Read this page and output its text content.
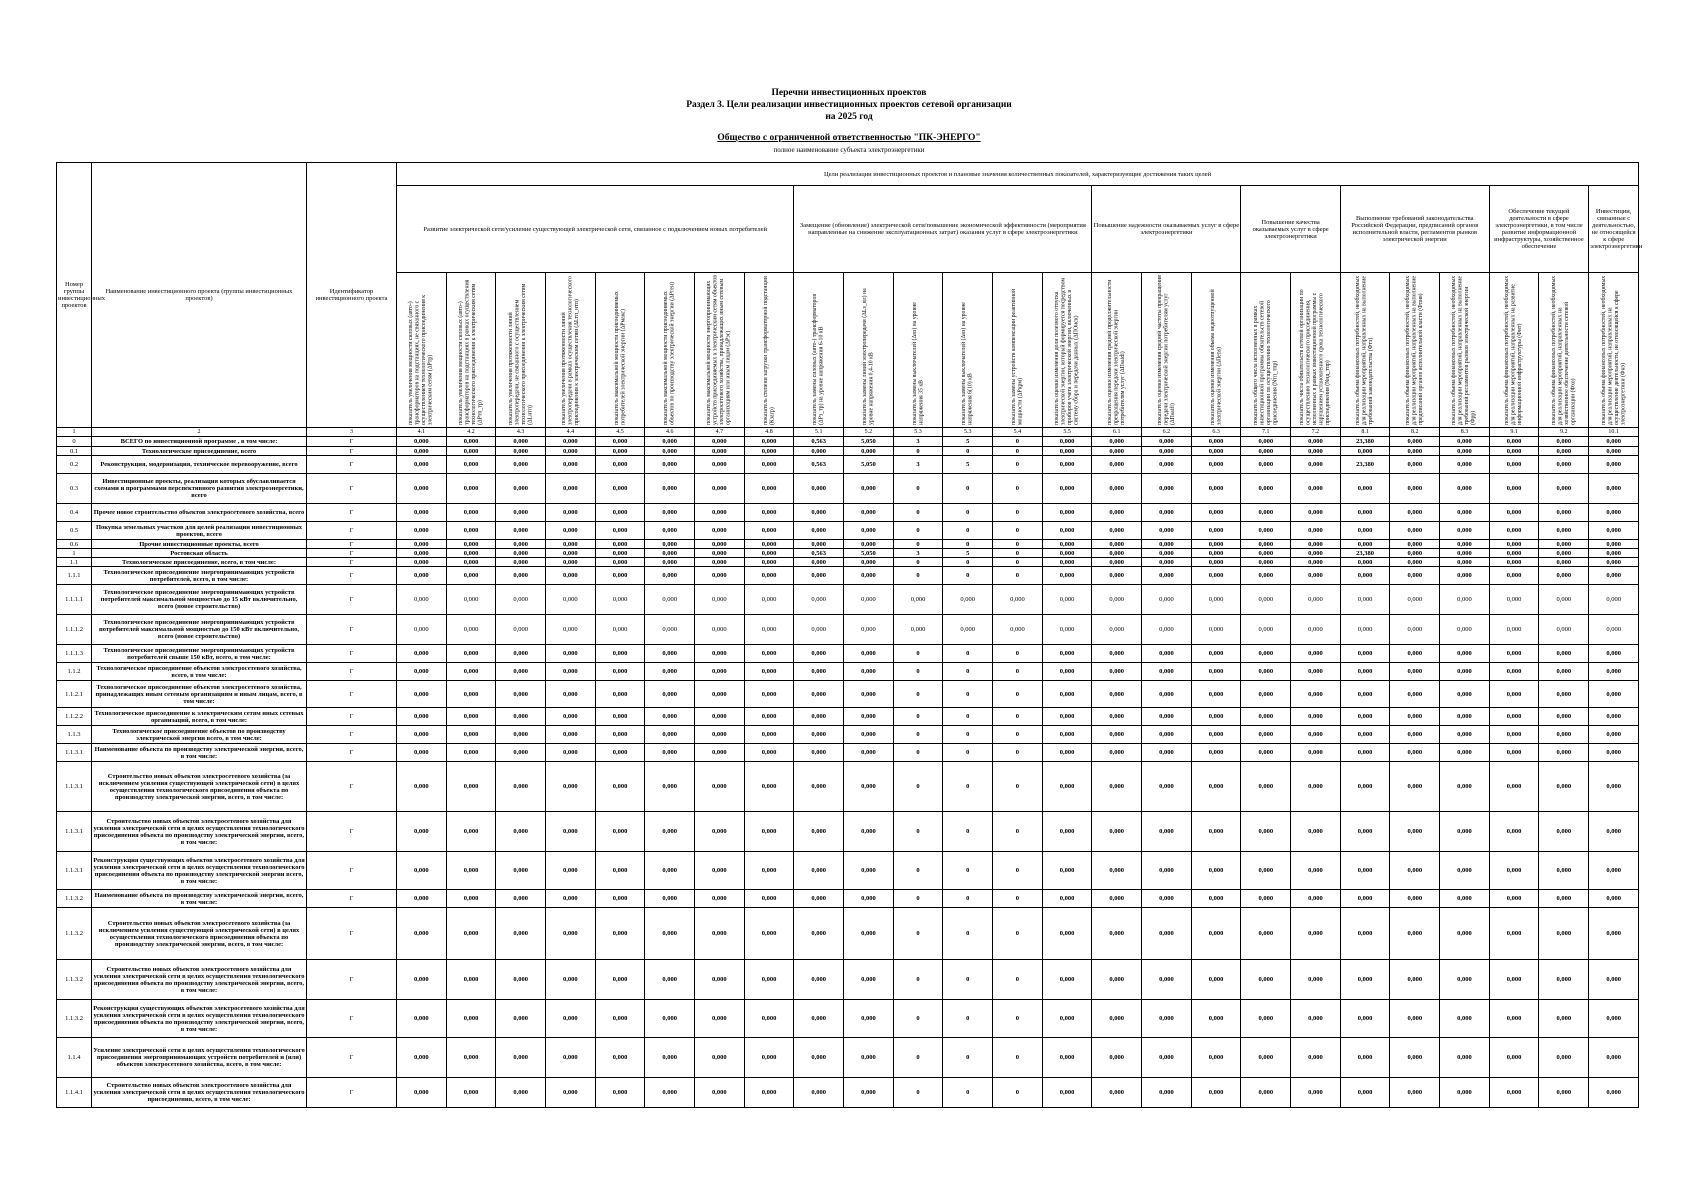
Перечни инвестиционных проектов
Раздел 3. Цели реализации инвестиционных проектов сетевой организации
на 2025 год
Общество с ограниченной ответственностью "ПК-ЭНЕРГО"
полное наименование субъекта электроэнергетики
Номер группы инвестиционных проектов	Наименование инвестиционного проекта (группы инвестиционных проектов)	Идентификатор инвестиционного проекта	Цели реализации инвестиционных проектов и плановые значения количественных показателей, характеризующие достижения таких целей																								
			Развитие электрической сети/усиление существующей электрической сети, связанное с подключением новых потребителей								Замещение (обновление) электрической сети/повышение экономической эффективности (мероприятия направленные на снижение эксплуатационных затрат) оказания услуг в сфере электроэнергетики						Повышение надежности оказываемых услуг в сфере электроэнергетики			Повышение качества оказываемых услуг в сфере электроэнергетики		Выполнение требований законодательства Российской Федерации, предписаний органов исполнительной власти, регламентов рынков электрической энергии			Обеспечение текущей деятельности в сфере электроэнергетики, в том числе развитие информационной инфраструктуры, хозяйственное обеспечение		Инвестиции, связанные с деятельностью, не относящейся к сфере электроэнергетики

			показатель увеличения мощности силовых (авто-) трансформаторов на подстанциях, не связанного с осуществлением технологического присоединения к электрическим сетям (ΔPтр)	показатель увеличения мощности силовых (авто-) трансформаторов на подстанциях в рамках осуществления технологического присоединения к электрическим сетям (ΔPтп_тр)	показатель увеличения протяженности линий электропередачи, не связанного с осуществлением технологического присоединения к электрическим сетям (ΔLнтп)	показатель увеличения протяженности линий электропередачи в рамках осуществления технологического присоединения к электрическим сетям (ΔLтп_нтп)	показатель максимальной мощности присоединяемых потребителей электрической энергии (ΔPмакс)	показатель максимальной мощности присоединяемых объектов по производству электрической энергии (ΔPген)	показатель максимальной мощности энергопринимающих устройств присоединяемых к электрическим сетям объектов электросетевого хозяйства, принадлежащих иным сетевым организациям или иным лицам (ΔPэс)	показатель степени загрузки трансформаторной подстанции (Кзагр)	показатель замены силовых (авто-) трансформаторов (ΔPз_тр) на уровне напряжения 6-10 кВ	показатель замены линий электропередачи (ΔLз_нл) на уровне напряжения 0,4-10 кВ	показатель замены выключателей (Δвз) на уровне напряжения 35 кВ	показатель замены выключателей (Δвз) на уровне напряжения 6(10) кВ	показатель замены устройств компенсации реактивной мощности (ΔPкрм)	показатель оценки изменения доли полезного отпуска электрической энергии, который формируется посредством приборов учета электрической энергии, включенных в систему сбора и передачи данных (ΔПОиск)	показатель оценки изменения средней продолжительности прекращения передачи электрической энергии потребителям услуг (ΔПsaidi)	показатель оценки изменения средней частоты прекращения передачи электрической энергии потребителям услуг (ΔПsaifi)	показатель оценки изменения объема недоотпущенной электрической энергии (ΔПens)	показатель общего числа исполненных в рамках инвестиционной программы обязательств сетевой организации по осуществлению технологического присоединения (Nтп_тпр)	показатель числа обязательств сетевой организации по осуществлению технологического присоединения, исполненных в рамках инвестиционной программы с нарушением установленного срока технологического присоединения (Nнд_тпр)	показатель объема финансовых потребностей, необходимых для реализации мероприятий, направленных на выполнение требований законодательства (Фтз)	показатель объема финансовых потребностей, необходимых для реализации мероприятий, направленных на выполнение предписаний органов исполнительной власти (Фпив)	показатель объема финансовых потребностей, необходимых для реализации мероприятий, направленных на выполнение требований регламентов рынков электрической энергии (Фрр)	показатель объема финансовых потребностей, необходимых для реализации мероприятий, направленных на развитие информационной инфраструктуры (Фит)	показатель объема финансовых потребностей, необходимых для реализации мероприятий, направленных на хозяйственное обеспечение деятельности сетевой организации (Фхо)	показатель объема финансовых потребностей, необходимых для реализации мероприятий, направленных на осуществление деятельности, не относящейся к сфере электроэнергетики (Фнэ)

1	2	3	4.1	4.2	4.3	4.4	4.5	4.6	4.7	4.8	5.1	5.2	5.3	5.3	5.4	5.5	6.1	6.2	6.3	7.1	7.2	8.1	8.2	8.3	9.1	9.2	10.1
0	ВСЕГО по инвестиционной программе , в том числе:	Г	0,000	0,000	0,000	0,000	0,000	0,000	0,000	0,000	0,563	5,050	3	5	0	0,000	0,000	0,000	0,000	0,000	0,000	23,380	0,000	0,000	0,000	0,000	0,000
0.1	Технологическое присоединение, всего	Г	0,000	0,000	0,000	0,000	0,000	0,000	0,000	0,000	0,000	0,000	0	0	0	0,000	0,000	0,000	0,000	0,000	0,000	0,000	0,000	0,000	0,000	0,000	0,000
0.2	Реконструкция, модернизация, техническое перевооружение, всего	Г	0,000	0,000	0,000	0,000	0,000	0,000	0,000	0,000	0,563	5,050	3	5	0	0,000	0,000	0,000	0,000	0,000	0,000	23,380	0,000	0,000	0,000	0,000	0,000
0.3	Инвестиционные проекты, реализация которых обуславливается схемами и программами перспективного развития электроэнергетики, всего	Г	0,000	0,000	0,000	0,000	0,000	0,000	0,000	0,000	0,000	0,000	0	0	0	0,000	0,000	0,000	0,000	0,000	0,000	0,000	0,000	0,000	0,000	0,000	0,000
0.4	Прочее новое строительство объектов электросетевого хозяйства, всего	Г	0,000	0,000	0,000	0,000	0,000	0,000	0,000	0,000	0,000	0,000	0	0	0	0,000	0,000	0,000	0,000	0,000	0,000	0,000	0,000	0,000	0,000	0,000	0,000
0.5	Покупка земельных участков для целей реализации инвестиционных проектов, всего	Г	0,000	0,000	0,000	0,000	0,000	0,000	0,000	0,000	0,000	0,000	0	0	0	0,000	0,000	0,000	0,000	0,000	0,000	0,000	0,000	0,000	0,000	0,000	0,000
0.6	Прочие инвестиционные проекты, всего	Г	0,000	0,000	0,000	0,000	0,000	0,000	0,000	0,000	0,000	0,000	0	0	0	0,000	0,000	0,000	0,000	0,000	0,000	0,000	0,000	0,000	0,000	0,000	0,000
1	Ростовская область	Г	0,000	0,000	0,000	0,000	0,000	0,000	0,000	0,000	0,563	5,050	3	5	0	0,000	0,000	0,000	0,000	0,000	0,000	23,380	0,000	0,000	0,000	0,000	0,000
1.1	Технологическое присоединение, всего, в том числе:	Г	0,000	0,000	0,000	0,000	0,000	0,000	0,000	0,000	0,000	0,000	0	0	0	0,000	0,000	0,000	0,000	0,000	0,000	0,000	0,000	0,000	0,000	0,000	0,000
1.1.1	Технологическое присоединение энергопринимающих устройств потребителей, всего, в том числе:	Г	0,000	0,000	0,000	0,000	0,000	0,000	0,000	0,000	0,000	0,000	0	0	0	0,000	0,000	0,000	0,000	0,000	0,000	0,000	0,000	0,000	0,000	0,000	0,000
1.1.1.1	Технологическое присоединение энергопринимающих устройств потребителей максимальной мощностью до 15 кВт включительно, всего (новое строительство)	Г	0,000	0,000	0,000	0,000	0,000	0,000	0,000	0,000	0,000	0,000	0,000	0,000	0,000	0,000	0,000	0,000	0,000	0,000	0,000	0,000	0,000	0,000	0,000	0,000	0,000
1.1.1.2	Технологическое присоединение энергопринимающих устройств потребителей максимальной мощностью до 150 кВт включительно, всего (новое строительство)	Г	0,000	0,000	0,000	0,000	0,000	0,000	0,000	0,000	0,000	0,000	0,000	0,000	0,000	0,000	0,000	0,000	0,000	0,000	0,000	0,000	0,000	0,000	0,000	0,000	0,000
1.1.1.3	Технологическое присоединение энергопринимающих устройств потребителей свыше 150 кВт, всего, в том числе:	Г	0,000	0,000	0,000	0,000	0,000	0,000	0,000	0,000	0,000	0,000	0	0	0	0,000	0,000	0,000	0,000	0,000	0,000	0,000	0,000	0,000	0,000	0,000	0,000
1.1.2	Технологическое присоединение объектов электросетевого хозяйства, всего, в том числе:	Г	0,000	0,000	0,000	0,000	0,000	0,000	0,000	0,000	0,000	0,000	0	0	0	0,000	0,000	0,000	0,000	0,000	0,000	0,000	0,000	0,000	0,000	0,000	0,000
1.1.2.1	Технологическое присоединение объектов электросетевого хозяйства, принадлежащих иным сетевым организациям и иным лицам, всего, в том числе:	Г	0,000	0,000	0,000	0,000	0,000	0,000	0,000	0,000	0,000	0,000	0	0	0	0,000	0,000	0,000	0,000	0,000	0,000	0,000	0,000	0,000	0,000	0,000	0,000
1.1.2.2	Технологическое присоединение к электрическим сетям иных сетевых организаций, всего, в том числе:	Г	0,000	0,000	0,000	0,000	0,000	0,000	0,000	0,000	0,000	0,000	0	0	0	0,000	0,000	0,000	0,000	0,000	0,000	0,000	0,000	0,000	0,000	0,000	0,000
1.1.3	Технологическое присоединение объектов по производству электрической энергии всего, в том числе:	Г	0,000	0,000	0,000	0,000	0,000	0,000	0,000	0,000	0,000	0,000	0	0	0	0,000	0,000	0,000	0,000	0,000	0,000	0,000	0,000	0,000	0,000	0,000	0,000
1.1.3.1	Наименование объекта по производству электрической энергии, всего, в том числе:	Г	0,000	0,000	0,000	0,000	0,000	0,000	0,000	0,000	0,000	0,000	0	0	0	0,000	0,000	0,000	0,000	0,000	0,000	0,000	0,000	0,000	0,000	0,000	0,000
1.1.3.1	Строительство новых объектов электросетевого хозяйства (за исключением усиления существующей электрической сети) в целях осуществления технологического присоединения объекта по производству электрической энергии, всего, в том числе:	Г	0,000	0,000	0,000	0,000	0,000	0,000	0,000	0,000	0,000	0,000	0	0	0	0,000	0,000	0,000	0,000	0,000	0,000	0,000	0,000	0,000	0,000	0,000	0,000
1.1.3.1	Строительство новых объектов электросетевого хозяйства для усиления электрической сети в целях осуществления технологического присоединения объекта по производству электрической энергии, всего, в том числе:	Г	0,000	0,000	0,000	0,000	0,000	0,000	0,000	0,000	0,000	0,000	0	0	0	0,000	0,000	0,000	0,000	0,000	0,000	0,000	0,000	0,000	0,000	0,000	0,000
1.1.3.1	Реконструкция существующих объектов электросетевого хозяйства для усиления электрической сети в целях осуществления технологического присоединения объекта по производству электрической энергии всего, в том числе:	Г	0,000	0,000	0,000	0,000	0,000	0,000	0,000	0,000	0,000	0,000	0	0	0	0,000	0,000	0,000	0,000	0,000	0,000	0,000	0,000	0,000	0,000	0,000	0,000
1.1.3.2	Наименование объекта по производству электрической энергии, всего, в том числе:	Г	0,000	0,000	0,000	0,000	0,000	0,000	0,000	0,000	0,000	0,000	0	0	0	0,000	0,000	0,000	0,000	0,000	0,000	0,000	0,000	0,000	0,000	0,000	0,000
1.1.3.2	Строительство новых объектов электросетевого хозяйства (за исключением усиления существующей электрической сети) в целях осуществления технологического присоединения объекта по производству электрической энергии, всего, в том числе:	Г	0,000	0,000	0,000	0,000	0,000	0,000	0,000	0,000	0,000	0,000	0	0	0	0,000	0,000	0,000	0,000	0,000	0,000	0,000	0,000	0,000	0,000	0,000	0,000
1.1.3.2	Строительство новых объектов электросетевого хозяйства для усиления электрической сети в целях осуществления технологического присоединения объекта по производству электрической энергии, всего, в том числе:	Г	0,000	0,000	0,000	0,000	0,000	0,000	0,000	0,000	0,000	0,000	0	0	0	0,000	0,000	0,000	0,000	0,000	0,000	0,000	0,000	0,000	0,000	0,000	0,000
1.1.3.2	Реконструкция существующих объектов электросетевого хозяйства для усиления электрической сети в целях осуществления технологического присоединения объекта по производству электрической энергии, всего, в том числе:	Г	0,000	0,000	0,000	0,000	0,000	0,000	0,000	0,000	0,000	0,000	0	0	0	0,000	0,000	0,000	0,000	0,000	0,000	0,000	0,000	0,000	0,000	0,000	0,000
1.1.4	Усиление электрической сети в целях осуществления технологического присоединения энергопринимающих устройств потребителей и (или) объектов электросетевого хозяйства, всего, в том числе:	Г	0,000	0,000	0,000	0,000	0,000	0,000	0,000	0,000	0,000	0,000	0	0	0	0,000	0,000	0,000	0,000	0,000	0,000	0,000	0,000	0,000	0,000	0,000	0,000
1.1.4.1	Строительство новых объектов электросетевого хозяйства для усиления электрической сети в целях осуществления технологического присоединения, всего, в том числе:	Г	0,000	0,000	0,000	0,000	0,000	0,000	0,000	0,000	0,000	0,000	0	0	0	0,000	0,000	0,000	0,000	0,000	0,000	0,000	0,000	0,000	0,000	0,000	0,000
